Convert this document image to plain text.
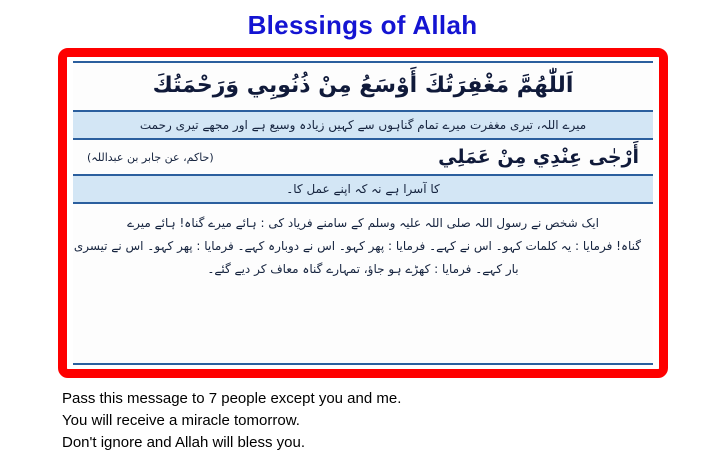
Blessings of Allah
اَللّٰهُمَّ مَغْفِرَتُكَ أَوْسَعُ مِنْ ذُنُوبِي وَرَحْمَتُكَ
میرے اللہ، تیری مغفرت میرے تمام گناہوں سے کہیں زیادہ وسیع ہے اور مجھے تیری رحمت
أَرْجٰى عِنْدِي مِنْ عَمَلِي
(حاکم، عن جابر بن عبداللہ)
کا آسرا ہے نہ کہ اپنے عمل کا۔
ایک شخص نے رسول اللہ صلی اللہ علیہ وسلم کے سامنے فریاد کی : ہائے میرے گناہ! ہائے میرے
گناہ! فرمایا : یہ کلمات کہو۔ اس نے کہے۔ فرمایا : پھر کہو۔ اس نے دوبارہ کہے۔ فرمایا : پھر کہو۔ اس نے تیسری
بار کہے۔ فرمایا : کھڑے ہو جاؤ، تمہارے گناہ معاف کر دیے گئے۔
Pass this message to 7 people except you and me.
You will receive a miracle tomorrow.
Don't ignore and Allah will bless you.
